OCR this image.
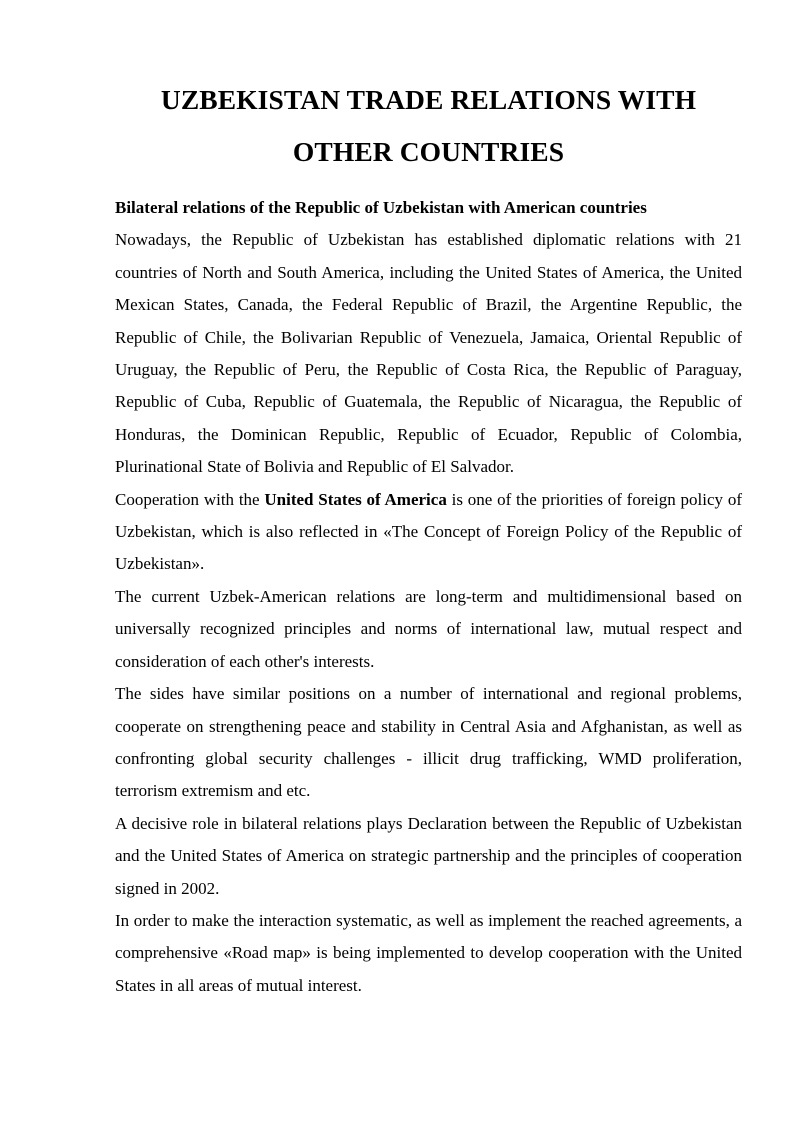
UZBEKISTAN TRADE RELATIONS WITH
OTHER COUNTRIES

Bilateral relations of the Republic of Uzbekistan with American countries

Nowadays, the Republic of Uzbekistan has established diplomatic relations with 21 countries of North and South America, including the United States of America, the United Mexican States, Canada, the Federal Republic of Brazil, the Argentine Republic, the Republic of Chile, the Bolivarian Republic of Venezuela, Jamaica, Oriental Republic of Uruguay, the Republic of Peru, the Republic of Costa Rica, the Republic of Paraguay, Republic of Cuba, Republic of Guatemala, the Republic of Nicaragua, the Republic of Honduras, the Dominican Republic, Republic of Ecuador, Republic of Colombia, Plurinational State of Bolivia and Republic of El Salvador.

Cooperation with the United States of America is one of the priorities of foreign policy of Uzbekistan, which is also reflected in «The Concept of Foreign Policy of the Republic of Uzbekistan».

The current Uzbek-American relations are long-term and multidimensional based on universally recognized principles and norms of international law, mutual respect and consideration of each other's interests.

The sides have similar positions on a number of international and regional problems, cooperate on strengthening peace and stability in Central Asia and Afghanistan, as well as confronting global security challenges - illicit drug trafficking, WMD proliferation, terrorism extremism and etc.

A decisive role in bilateral relations plays Declaration between the Republic of Uzbekistan and the United States of America on strategic partnership and the principles of cooperation signed in 2002.

In order to make the interaction systematic, as well as implement the reached agreements, a comprehensive «Road map» is being implemented to develop cooperation with the United States in all areas of mutual interest.
